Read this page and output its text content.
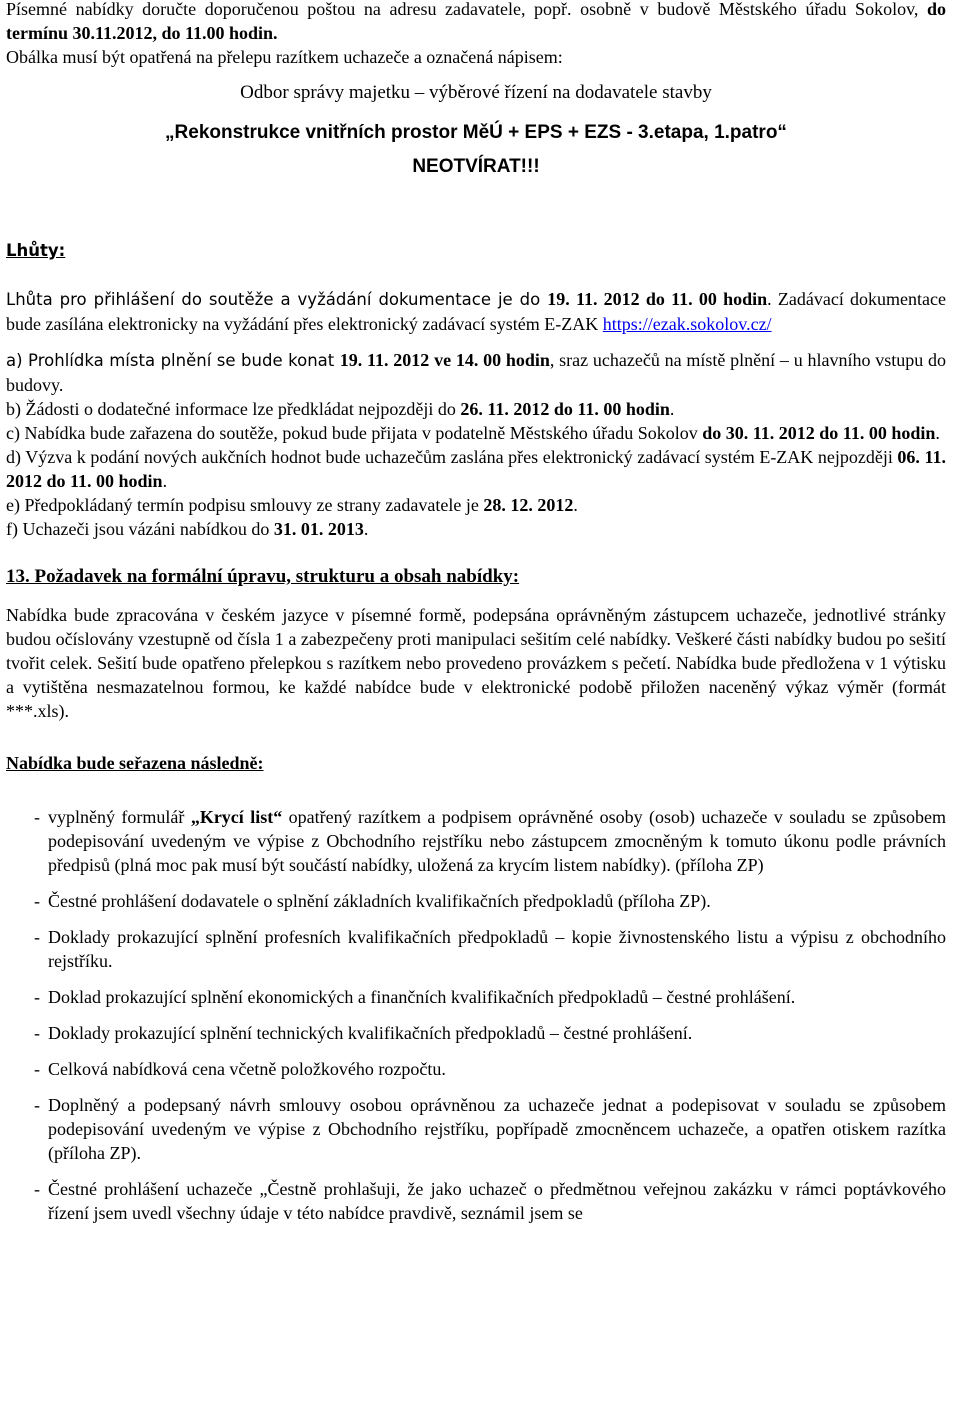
Písemné nabídky doručte doporučenou poštou na adresu zadavatele, popř. osobně v budově Městského úřadu Sokolov, do termínu 30.11.2012, do 11.00 hodin.

Obálka musí být opatřená na přelepu razítkem uchazeče a označená nápisem:

Odbor správy majetku – výběrové řízení na dodavatele stavby

„Rekonstrukce vnitřních prostor MěÚ + EPS + EZS - 3.etapa, 1.patro“

NEOTVÍRAT!!!

Lhůty:

Lhůta pro přihlášení do soutěže a vyžádání dokumentace je do 19. 11. 2012 do 11. 00 hodin. Zadávací dokumentace bude zasílána elektronicky na vyžádání přes elektronický zadávací systém E-ZAK https://ezak.sokolov.cz/

a) Prohlídka místa plnění se bude konat 19. 11. 2012 ve 14. 00 hodin, sraz uchazečů na místě plnění – u hlavního vstupu do budovy.

b) Žádosti o dodatečné informace lze předkládat nejpozději do 26. 11. 2012 do 11. 00 hodin.

c) Nabídka bude zařazena do soutěže, pokud bude přijata v podatelně Městského úřadu Sokolov do 30. 11. 2012 do 11. 00 hodin.

d) Výzva k podání nových aukčních hodnot bude uchazečům zaslána přes elektronický zadávací systém E-ZAK nejpozději 06. 11. 2012 do 11. 00 hodin.

e) Předpokládaný termín podpisu smlouvy ze strany zadavatele je 28. 12. 2012.

f) Uchazeči jsou vázáni nabídkou do 31. 01. 2013.

13. Požadavek na formální úpravu, strukturu a obsah nabídky:

Nabídka bude zpracována v českém jazyce v písemné formě, podepsána oprávněným zástupcem uchazeče, jednotlivé stránky budou očíslovány vzestupně od čísla 1 a zabezpečeny proti manipulaci sešitím celé nabídky. Veškeré části nabídky budou po sešití tvořit celek. Sešití bude opatřeno přelepkou s razítkem nebo provedeno provázkem s pečetí. Nabídka bude předložena v 1 výtisku a vytištěna nesmazatelnou formou, ke každé nabídce bude v elektronické podobě přiložen naceněný výkaz výměr (formát ***.xls).

Nabídka bude seřazena následně:

- vyplněný formulář „Krycí list“ opatřený razítkem a podpisem oprávněné osoby (osob) uchazeče v souladu se způsobem podepisování uvedeným ve výpise z Obchodního rejstříku nebo zástupcem zmocněným k tomuto úkonu podle právních předpisů (plná moc pak musí být součástí nabídky, uložená za krycím listem nabídky). (příloha ZP)
- Čestné prohlášení dodavatele o splnění základních kvalifikačních předpokladů (příloha ZP).
- Doklady prokazující splnění profesních kvalifikačních předpokladů – kopie živnostenského listu a výpisu z obchodního rejstříku.
- Doklad prokazující splnění ekonomických a finančních kvalifikačních předpokladů – čestné prohlášení.
- Doklady prokazující splnění technických kvalifikačních předpokladů – čestné prohlášení.
- Celková nabídková cena včetně položkového rozpočtu.
- Doplněný a podepsaný návrh smlouvy osobou oprávněnou za uchazeče jednat a podepisovat v souladu se způsobem podepisování uvedeným ve výpise z Obchodního rejstříku, popřípadě zmocněncem uchazeče, a opatřen otiskem razítka (příloha ZP).
- Čestné prohlášení uchazeče „Čestně prohlašuji, že jako uchazeč o předmětnou veřejnou zakázku v rámci poptávkového řízení jsem uvedl všechny údaje v této nabídce pravdivě, seznámil jsem se
